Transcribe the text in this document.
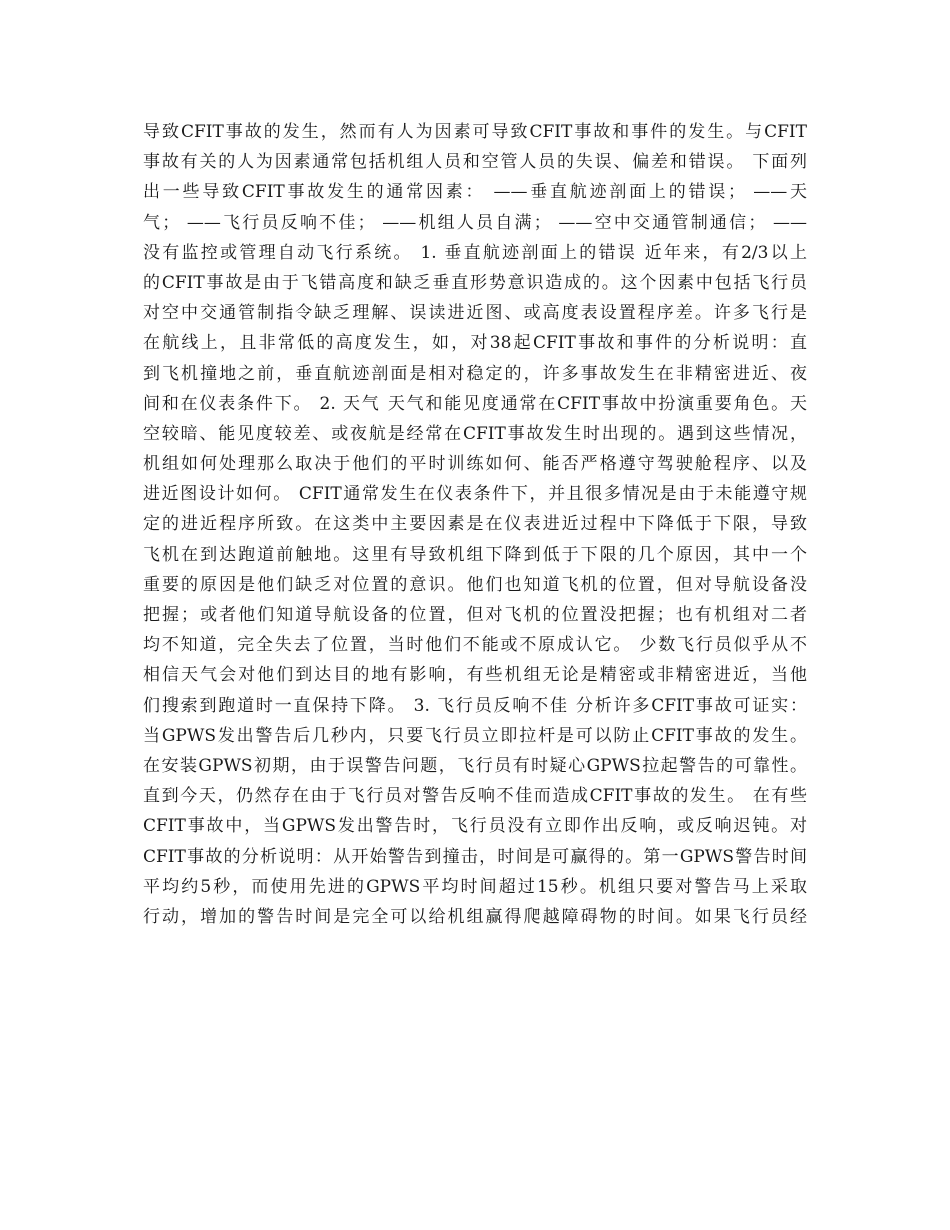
导致CFIT事故的发生，然而有人为因素可导致CFIT事故和事件的发生。与CFIT
事故有关的人为因素通常包括机组人员和空管人员的失误、偏差和错误。 下面列
出一些导致CFIT事故发生的通常因素： ——垂直航迹剖面上的错误； ——天
气； ——飞行员反响不佳； ——机组人员自满； ——空中交通管制通信； ——
没有监控或管理自动飞行系统。 1. 垂直航迹剖面上的错误 近年来，有2/3以上
的CFIT事故是由于飞错高度和缺乏垂直形势意识造成的。这个因素中包括飞行员
对空中交通管制指令缺乏理解、误读进近图、或高度表设置程序差。许多飞行是
在航线上，且非常低的高度发生，如，对38起CFIT事故和事件的分析说明：直
到飞机撞地之前，垂直航迹剖面是相对稳定的，许多事故发生在非精密进近、夜
间和在仪表条件下。 2. 天气 天气和能见度通常在CFIT事故中扮演重要角色。天
空较暗、能见度较差、或夜航是经常在CFIT事故发生时出现的。遇到这些情况，
机组如何处理那么取决于他们的平时训练如何、能否严格遵守驾驶舱程序、以及
进近图设计如何。 CFIT通常发生在仪表条件下，并且很多情况是由于未能遵守规
定的进近程序所致。在这类中主要因素是在仪表进近过程中下降低于下限，导致
飞机在到达跑道前触地。这里有导致机组下降到低于下限的几个原因，其中一个
重要的原因是他们缺乏对位置的意识。他们也知道飞机的位置，但对导航设备没
把握；或者他们知道导航设备的位置，但对飞机的位置没把握；也有机组对二者
均不知道，完全失去了位置，当时他们不能或不原成认它。 少数飞行员似乎从不
相信天气会对他们到达目的地有影响，有些机组无论是精密或非精密进近，当他
们搜索到跑道时一直保持下降。 3. 飞行员反响不佳 分析许多CFIT事故可证实：
当GPWS发出警告后几秒内，只要飞行员立即拉杆是可以防止CFIT事故的发生。
在安装GPWS初期，由于误警告问题，飞行员有时疑心GPWS拉起警告的可靠性。
直到今天，仍然存在由于飞行员对警告反响不佳而造成CFIT事故的发生。 在有些
CFIT事故中，当GPWS发出警告时，飞行员没有立即作出反响，或反响迟钝。对
CFIT事故的分析说明：从开始警告到撞击，时间是可赢得的。第一GPWS警告时间
平均约5秒，而使用先进的GPWS平均时间超过15秒。机组只要对警告马上采取
行动，增加的警告时间是完全可以给机组赢得爬越障碍物的时间。如果飞行员经
